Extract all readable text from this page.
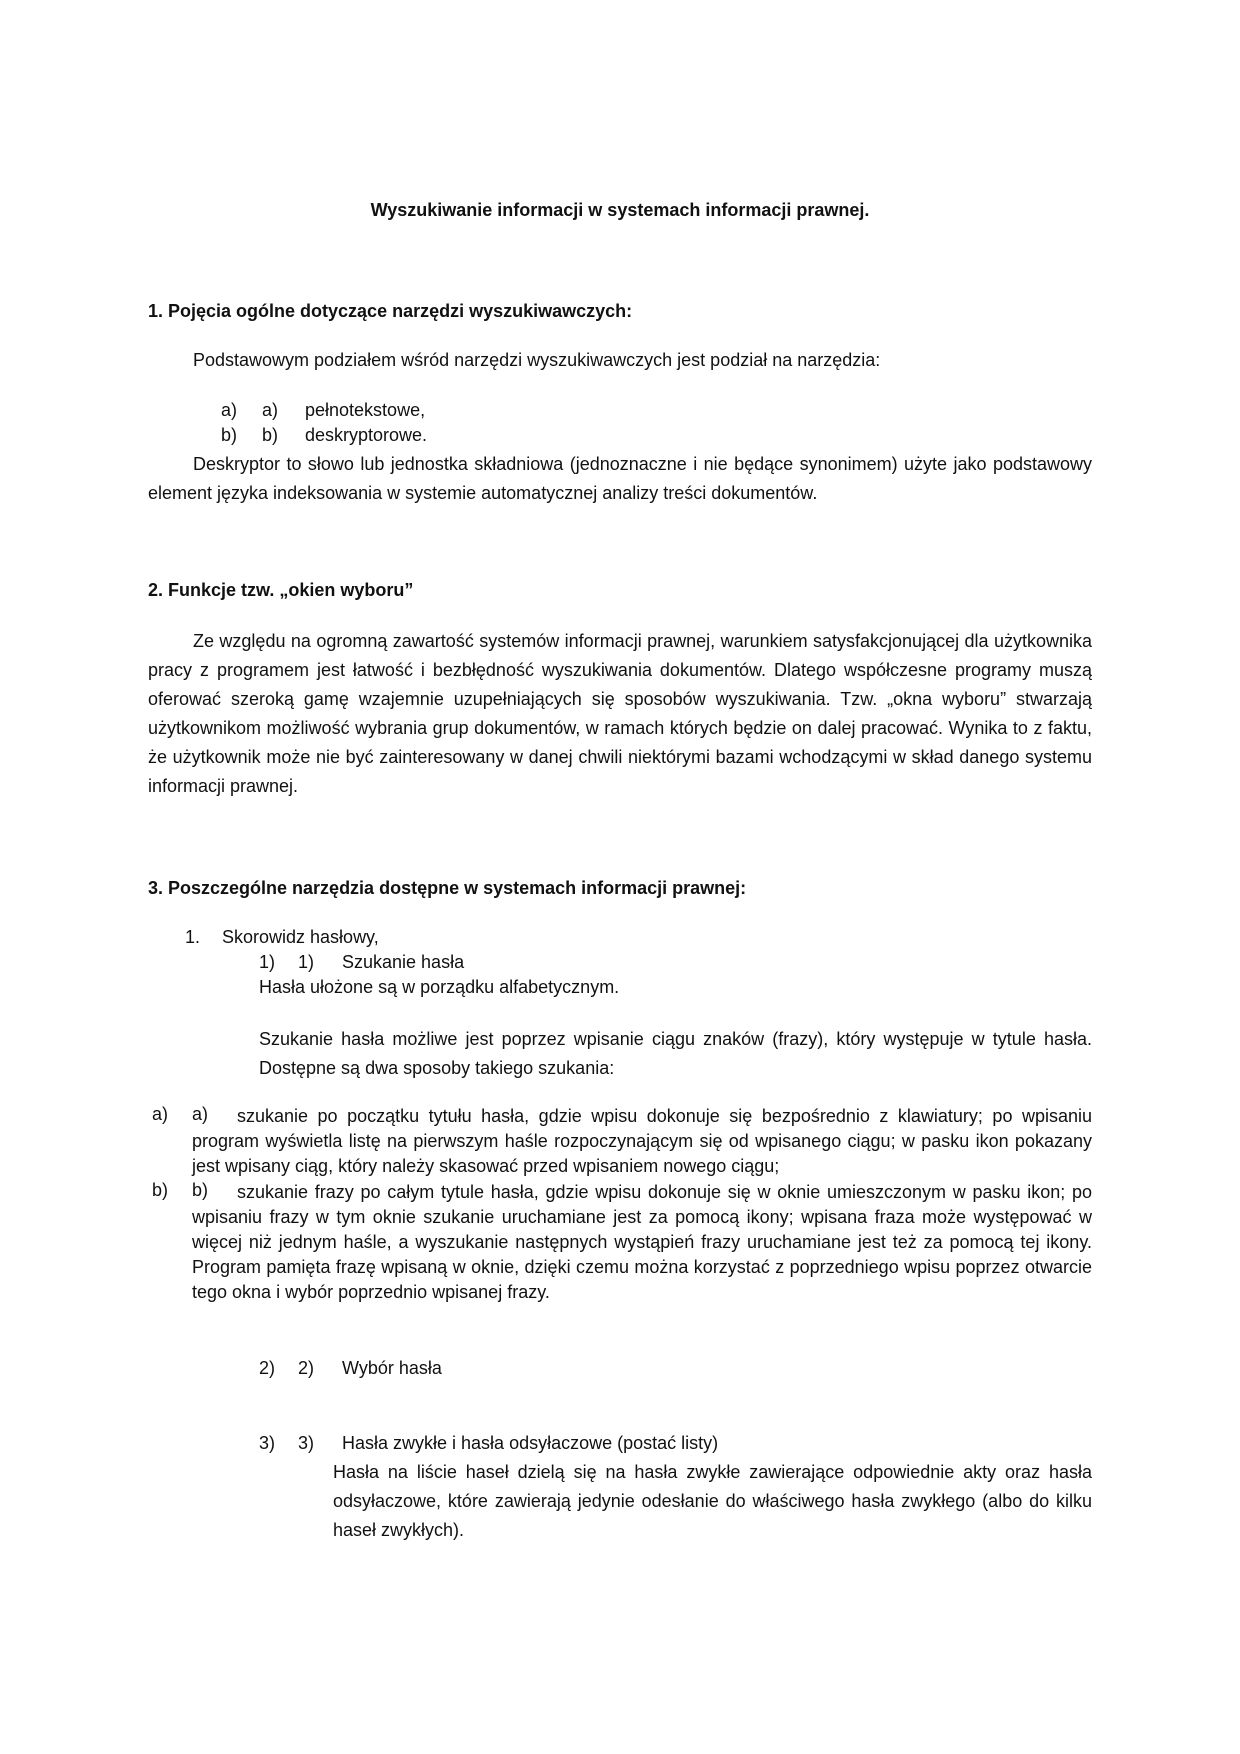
Wyszukiwanie informacji w systemach informacji prawnej.
1. Pojęcia ogólne dotyczące narzędzi wyszukiwawczych:
Podstawowym podziałem wśród narzędzi wyszukiwawczych jest podział na narzędzia:
a) a) pełnotekstowe,
b) b) deskryptorowe.
Deskryptor to słowo lub jednostka składniowa (jednoznaczne i nie będące synonimem) użyte jako podstawowy element języka indeksowania w systemie automatycznej analizy treści dokumentów.
2. Funkcje tzw. „okien wyboru”
Ze względu na ogromną zawartość systemów informacji prawnej, warunkiem satysfakcjonującej dla użytkownika pracy z programem jest łatwość i bezbłędność wyszukiwania dokumentów. Dlatego współczesne programy muszą oferować szeroką gamę wzajemnie uzupełniających się sposobów wyszukiwania. Tzw. „okna wyboru” stwarzają użytkownikom możliwość wybrania grup dokumentów, w ramach których będzie on dalej pracować. Wynika to z faktu, że użytkownik może nie być zainteresowany w danej chwili niektórymi bazami wchodzącymi w skład danego systemu informacji prawnej.
3. Poszczególne narzędzia dostępne w systemach informacji prawnej:
1. Skorowidz hasłowy,
1) 1) Szukanie hasła
Hasła ułożone są w porządku alfabetycznym.
Szukanie hasła możliwe jest poprzez wpisanie ciągu znaków (frazy), który występuje w tytule hasła. Dostępne są dwa sposoby takiego szukania:
a) a)	szukanie po początku tytułu hasła, gdzie wpisu dokonuje się bezpośrednio z klawiatury; po wpisaniu program wyświetla listę na pierwszym haśle rozpoczynającym się od wpisanego ciągu; w pasku ikon pokazany jest wpisany ciąg, który należy skasować przed wpisaniem nowego ciągu;
b) b)	szukanie frazy po całym tytule hasła, gdzie wpisu dokonuje się w oknie umieszczonym w pasku ikon; po wpisaniu frazy w tym oknie szukanie uruchamiane jest za pomocą ikony; wpisana fraza może występować w więcej niż jednym haśle, a wyszukanie następnych wystąpień frazy uruchamiane jest też za pomocą tej ikony. Program pamięta frazę wpisaną w oknie, dzięki czemu można korzystać z poprzedniego wpisu poprzez otwarcie tego okna i wybór poprzednio wpisanej frazy.
2) 2) Wybór hasła
3) 3) Hasła zwykłe i hasła odsyłaczowe (postać listy)
Hasła na liście haseł dzielą się na hasła zwykłe zawierające odpowiednie akty oraz hasła odsyłaczowe, które zawierają jedynie odesłanie do właściwego hasła zwykłego (albo do kilku haseł zwykłych).
